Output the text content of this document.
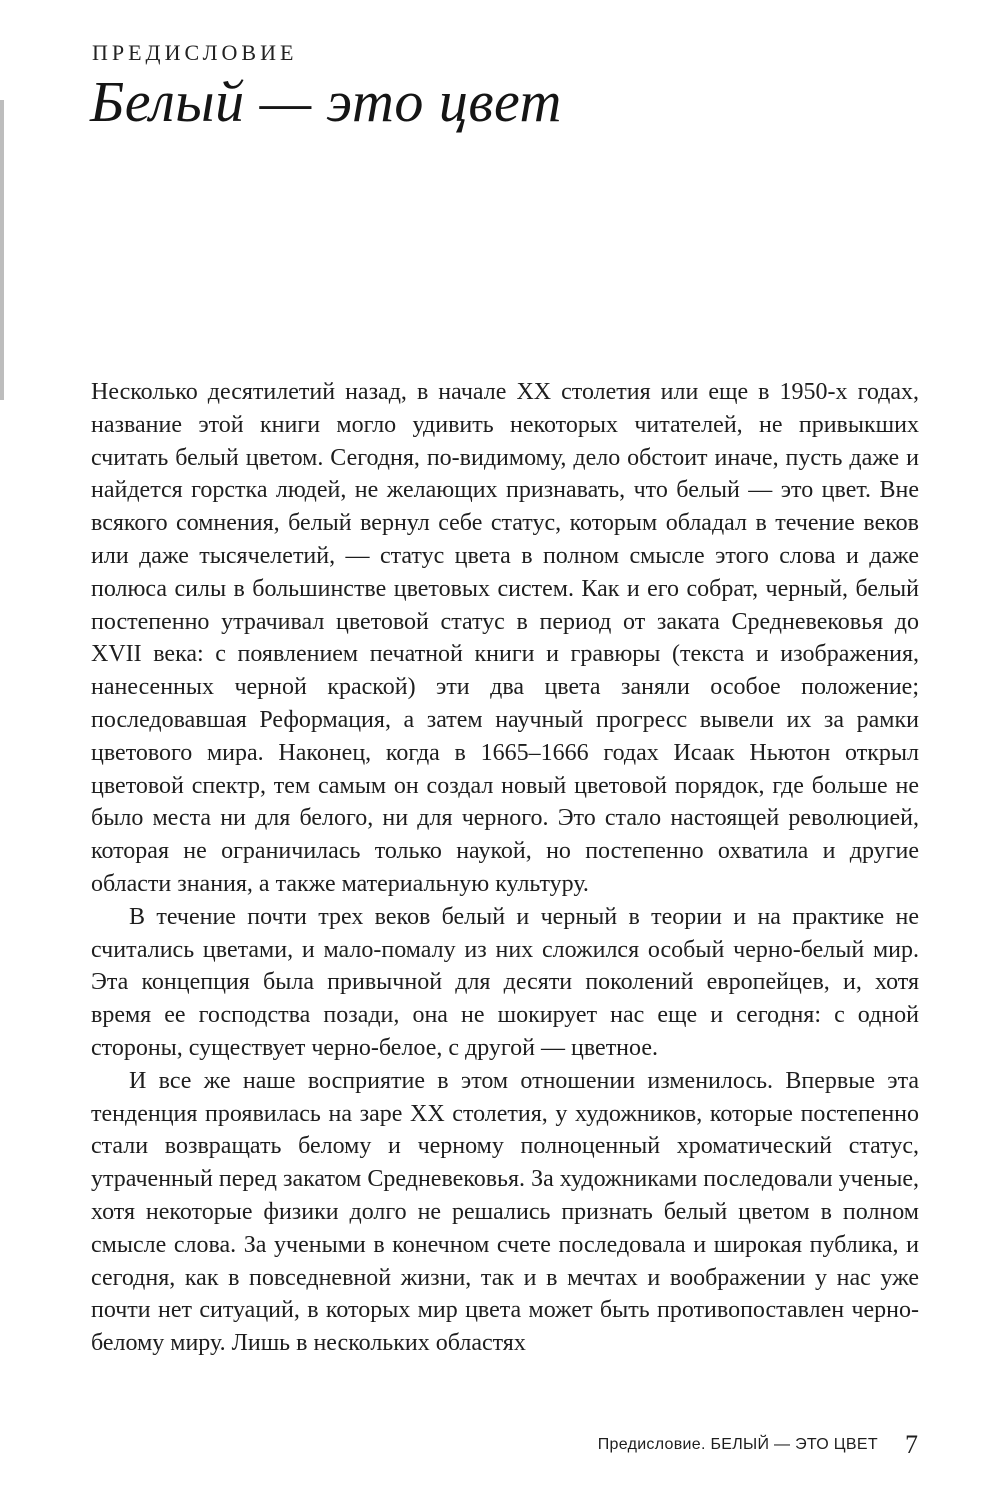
ПРЕДИСЛОВИЕ
Белый — это цвет

Несколько десятилетий назад, в начале XX столетия или еще в 1950-х годах, название этой книги могло удивить некоторых читателей, не привыкших считать белый цветом. Сегодня, по-видимому, дело обстоит иначе, пусть даже и найдется горстка людей, не желающих признавать, что белый — это цвет. Вне всякого сомнения, белый вернул себе статус, которым обладал в течение веков или даже тысячелетий, — статус цвета в полном смысле этого слова и даже полюса силы в большинстве цветовых систем. Как и его собрат, черный, белый постепенно утрачивал цветовой статус в период от заката Средневековья до XVII века: с появлением печатной книги и гравюры (текста и изображения, нанесенных черной краской) эти два цвета заняли особое положение; последовавшая Реформация, а затем научный прогресс вывели их за рамки цветового мира. Наконец, когда в 1665–1666 годах Исаак Ньютон открыл цветовой спектр, тем самым он создал новый цветовой порядок, где больше не было места ни для белого, ни для черного. Это стало настоящей революцией, которая не ограничилась только наукой, но постепенно охватила и другие области знания, а также материальную культуру.

В течение почти трех веков белый и черный в теории и на практике не считались цветами, и мало-помалу из них сложился особый черно-белый мир. Эта концепция была привычной для десяти поколений европейцев, и, хотя время ее господства позади, она не шокирует нас еще и сегодня: с одной стороны, существует черно-белое, с другой — цветное.

И все же наше восприятие в этом отношении изменилось. Впервые эта тенденция проявилась на заре XX столетия, у художников, которые постепенно стали возвращать белому и черному полноценный хроматический статус, утраченный перед закатом Средневековья. За художниками последовали ученые, хотя некоторые физики долго не решались признать белый цветом в полном смысле слова. За учеными в конечном счете последовала и широкая публика, и сегодня, как в повседневной жизни, так и в мечтах и воображении у нас уже почти нет ситуаций, в которых мир цвета может быть противопоставлен черно-белому миру. Лишь в нескольких областях

Предисловие. БЕЛЫЙ — ЭТО ЦВЕТ 7
